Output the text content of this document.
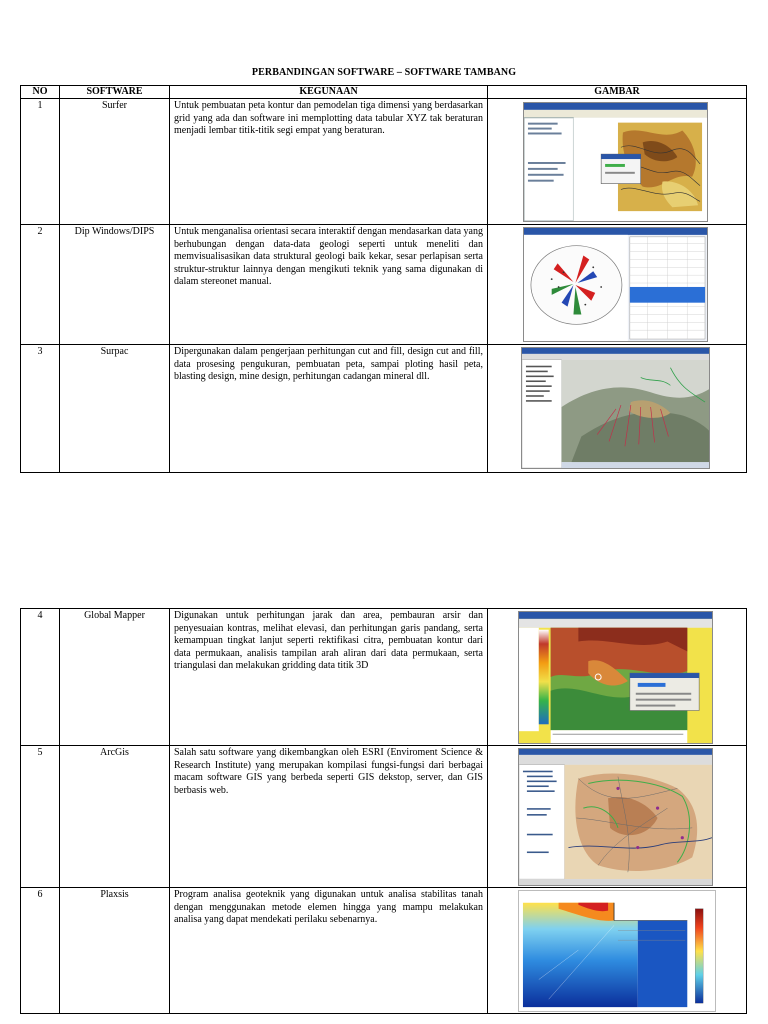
PERBANDINGAN SOFTWARE – SOFTWARE TAMBANG
NO	SOFTWARE	KEGUNAAN	GAMBAR
1	Surfer	Untuk pembuatan peta kontur dan pemodelan tiga dimensi yang berdasarkan grid yang ada dan software ini memplotting data tabular XYZ tak beraturan menjadi lembar titik-titik segi empat yang beraturan.	

2	Dip Windows/DIPS	Untuk menganalisa orientasi secara interaktif dengan mendasarkan data yang berhubungan dengan data-data geologi seperti untuk meneliti dan memvisualisasikan data struktural geologi baik kekar, sesar perlapisan serta struktur-struktur lainnya dengan mengikuti teknik yang sama digunakan di dalam stereonet manual.	

3	Surpac	Dipergunakan dalam pengerjaan perhitungan cut and fill, design cut and fill, data prosesing pengukuran, pembuatan peta, sampai ploting hasil peta, blasting design, mine design, perhitungan cadangan mineral dll.	
4	Global Mapper	Digunakan untuk perhitungan jarak dan area, pembauran arsir dan penyesuaian kontras, melihat elevasi, dan perhitungan garis pandang, serta kemampuan tingkat lanjut seperti rektifikasi citra, pembuatan kontur dari data permukaan, analisis tampilan arah aliran dari data permukaan, serta triangulasi dan melakukan gridding data titik 3D	

5	ArcGis	Salah satu software yang dikembangkan oleh ESRI (Enviroment Science & Research Institute) yang merupakan kompilasi fungsi-fungsi dari berbagai macam software GIS yang berbeda seperti GIS dekstop, server, dan GIS berbasis web.	

6	Plaxsis	Program analisa geoteknik yang digunakan untuk analisa stabilitas tanah dengan menggunakan metode elemen hingga yang mampu melakukan analisa yang dapat mendekati perilaku sebenarnya.	
